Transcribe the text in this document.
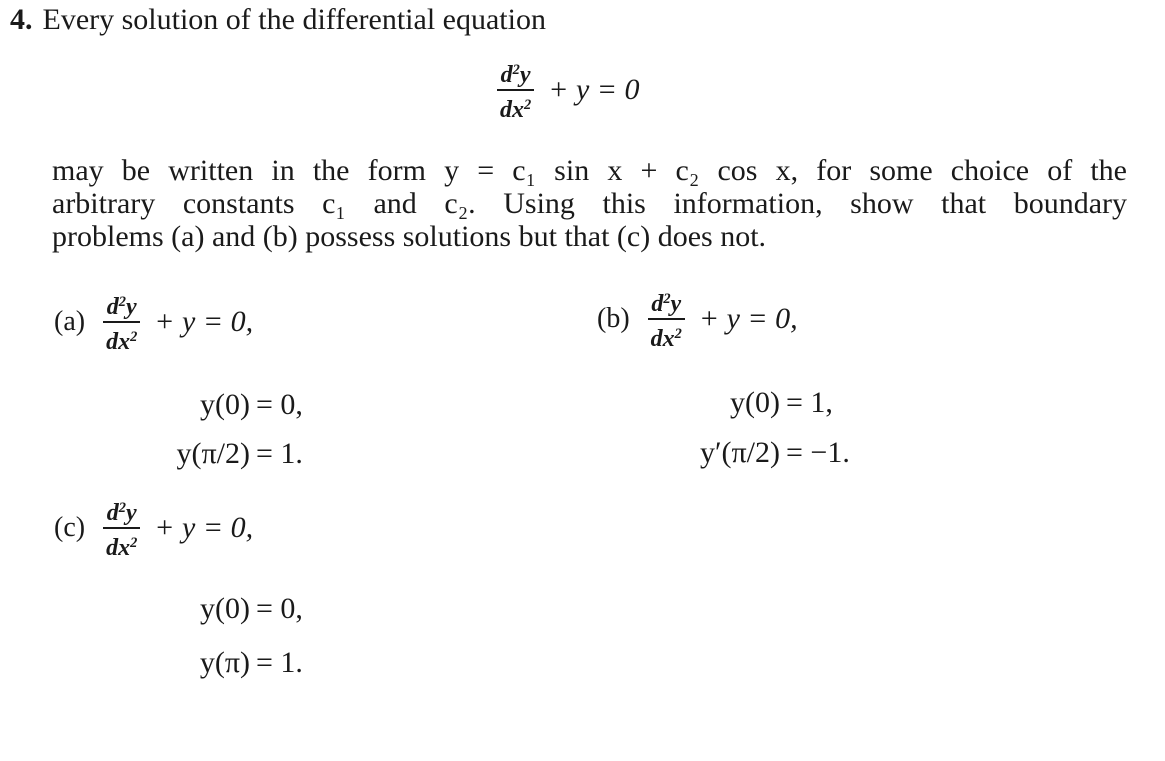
4. Every solution of the differential equation
$\frac{d^2y}{dx^2} + y = 0$
may be written in the form y = c₁ sin x + c₂ cos x, for some choice of the
arbitrary constants c₁ and c₂. Using this information, show that boundary
problems (a) and (b) possess solutions but that (c) does not.
$(a) \frac{d^2y}{dx^2} + y = 0$,
y(0) = 0,
y(π/2) = 1.
$(b) \frac{d^2y}{dx^2} + y = 0$,
y(0) = 1,
y′(π/2) = −1.
$(c) \frac{d^2y}{dx^2} + y = 0$,
y(0) = 0,
y(π) = 1.
